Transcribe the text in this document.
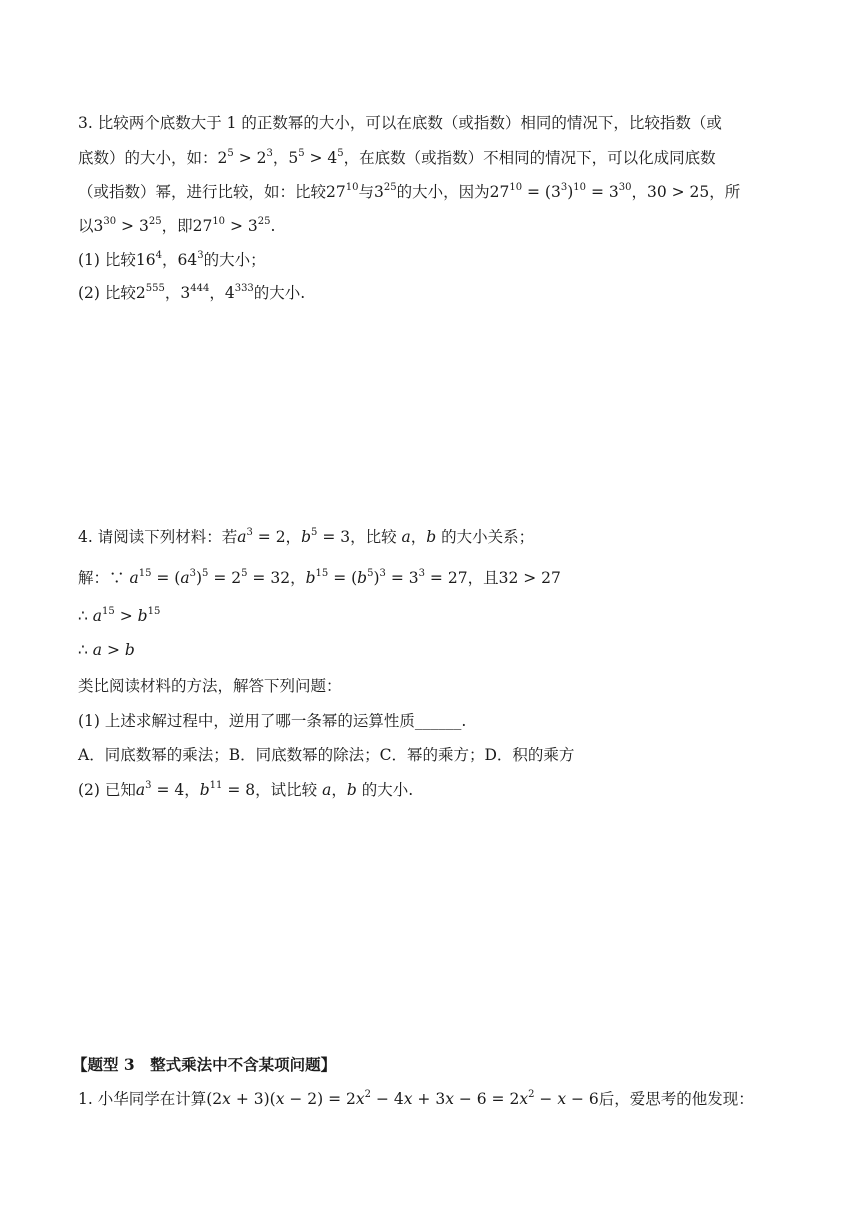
3. 比较两个底数大于 1 的正数幂的大小，可以在底数（或指数）相同的情况下，比较指数（或
底数）的大小，如：$2^5 > 2^3$，$5^5 > 4^5$，在底数（或指数）不相同的情况下，可以化成同底数
（或指数）幂，进行比较，如：比较$27^{10}$与$3^{25}$的大小，因为$27^{10} = (3^3)^{10} = 3^{30}$，30 > 25，所
以$3^{30} > 3^{25}$，即$27^{10} > 3^{25}$.
(1) 比较$16^4$，$64^3$的大小；
(2) 比较$2^{555}$，$3^{444}$，$4^{333}$的大小.
4. 请阅读下列材料：若$a^3 = 2$，$b^5 = 3$，比较 a，b 的大小关系；
解：∵ $a^{15} = (a^3)^5 = 2^5 = 32$，$b^{15} = (b^5)^3 = 3^3 = 27$，且32 > 27
∴ $a^{15} > b^{15}$
∴ a > b
类比阅读材料的方法，解答下列问题：
(1) 上述求解过程中，逆用了哪一条幂的运算性质______.
A．同底数幂的乘法；B．同底数幂的除法；C．幂的乘方；D．积的乘方
(2) 已知$a^3 = 4$，$b^{11} = 8$，试比较 a，b 的大小.
【题型 3　整式乘法中不含某项问题】
1. 小华同学在计算$(2x + 3)(x - 2) = 2x^2 - 4x + 3x - 6 = 2x^2 - x - 6$后，爱思考的他发现：
